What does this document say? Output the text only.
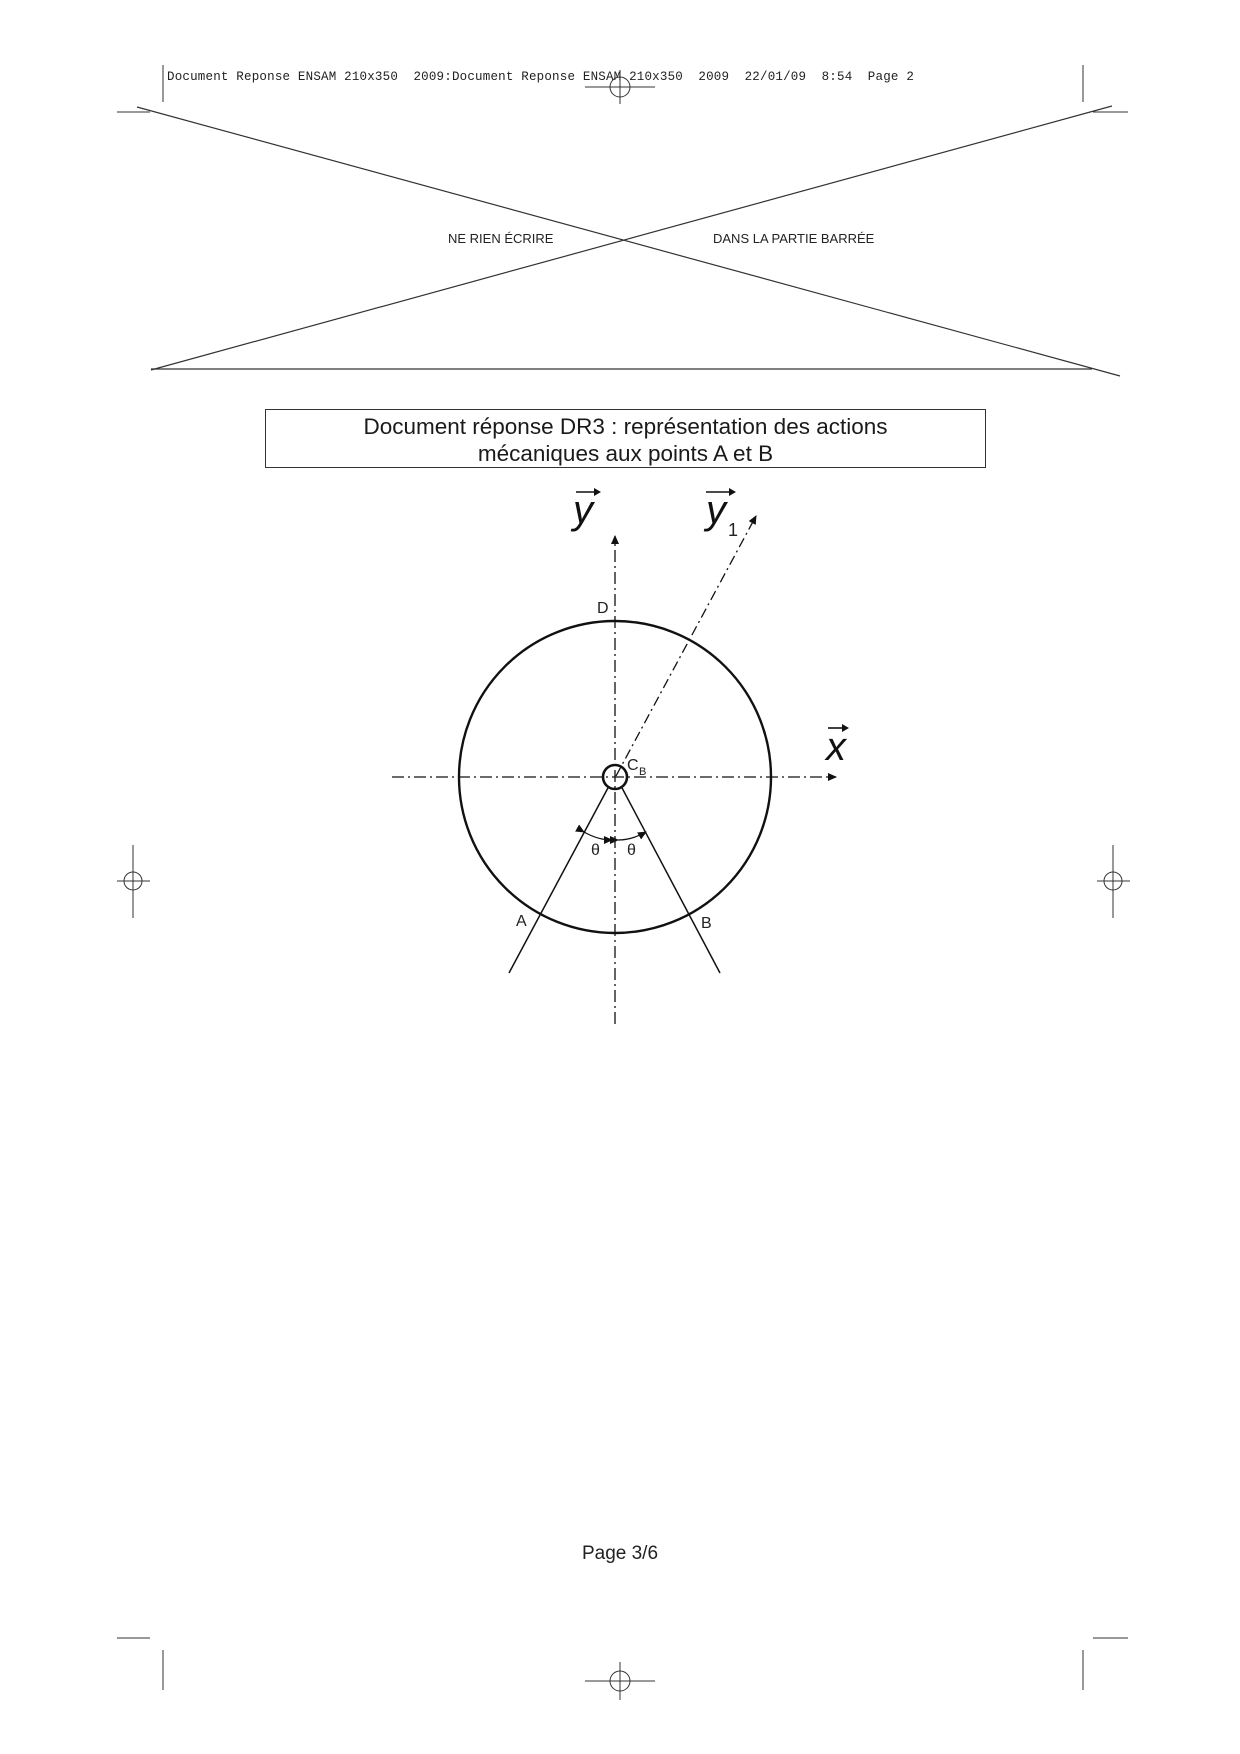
Document Reponse ENSAM 210x350  2009:Document Reponse ENSAM 210x350  2009  22/01/09  8:54  Page 2
NE RIEN ÉCRIRE	DANS LA PARTIE BARRÉE
Document réponse DR3 : représentation des actions
mécaniques aux points A et B
y	y 1
x
D
C B
A	B
θ θ
Page 3/6
